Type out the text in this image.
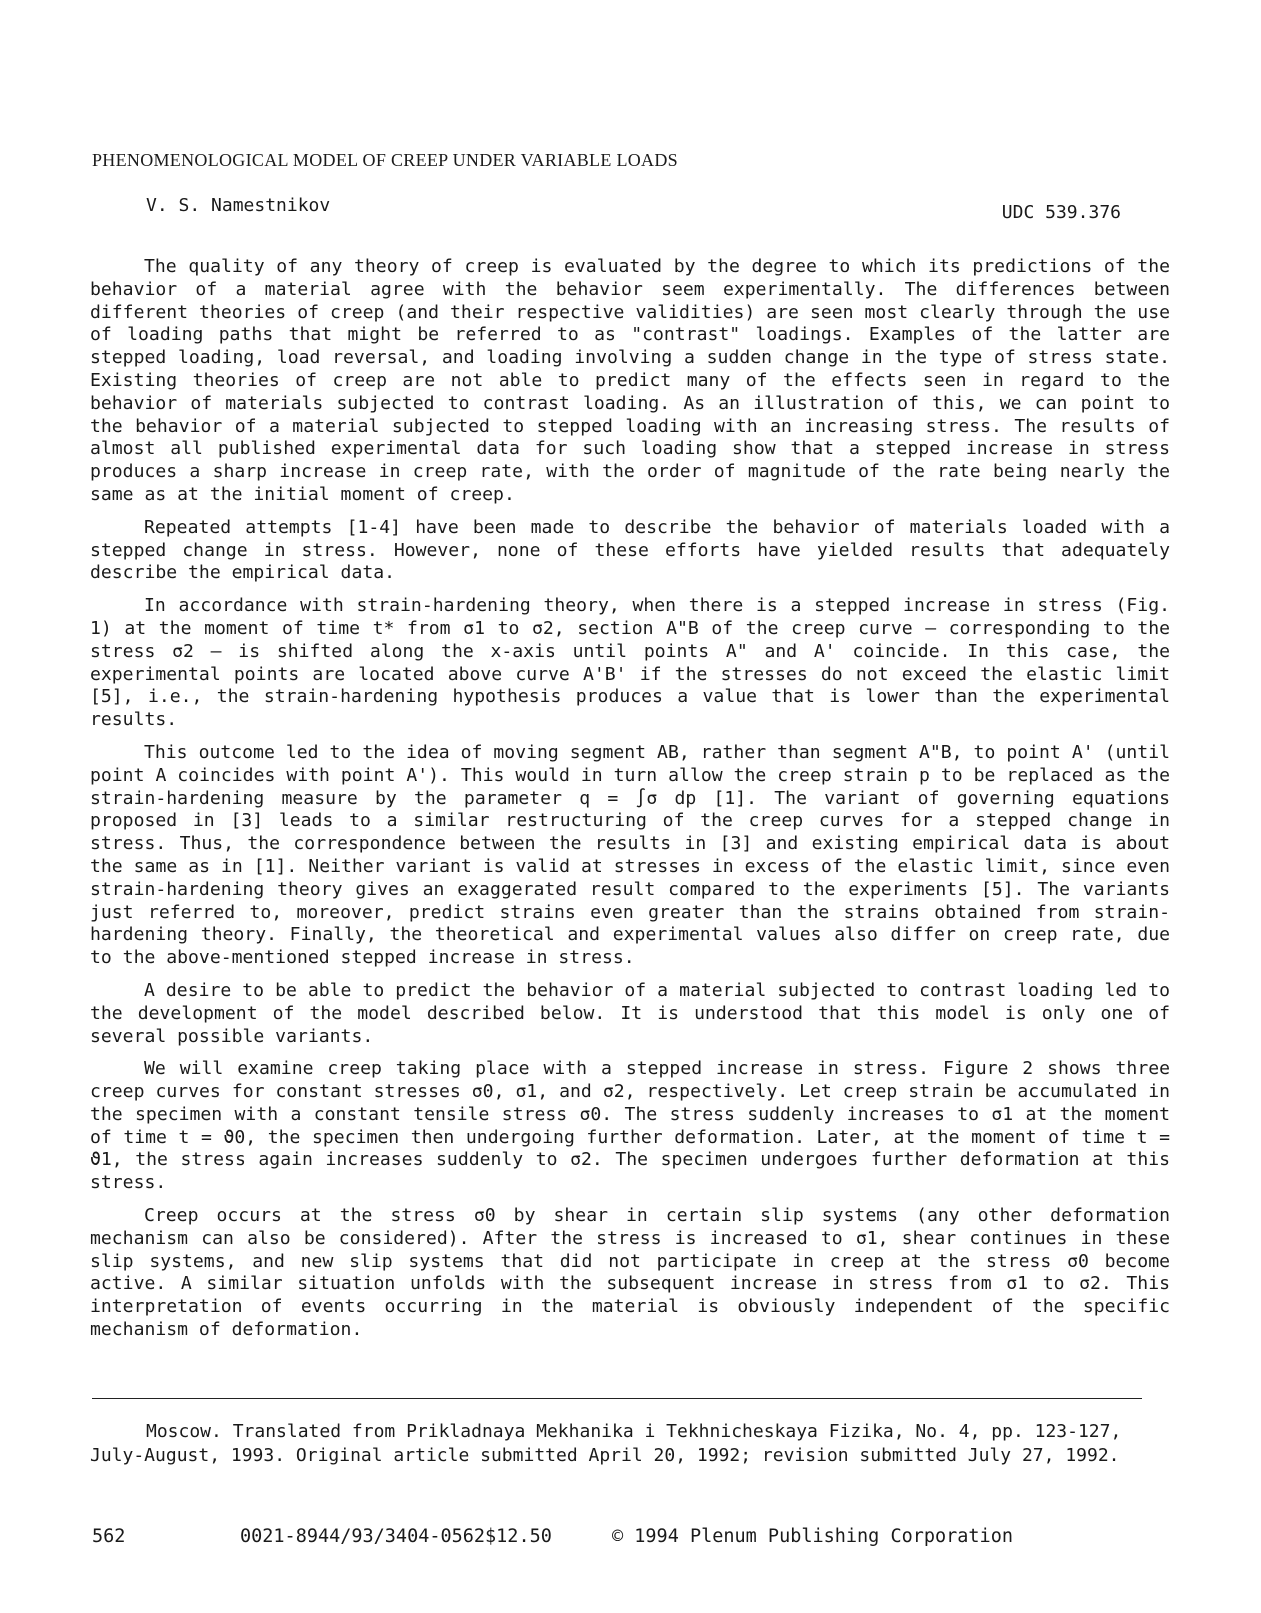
PHENOMENOLOGICAL MODEL OF CREEP UNDER VARIABLE LOADS
V. S. Namestnikov	UDC 539.376

The quality of any theory of creep is evaluated by the degree to which its predictions of the behavior of a material agree with the behavior seem experimentally. The differences between different theories of creep (and their respective validities) are seen most clearly through the use of loading paths that might be referred to as "contrast" loadings. Examples of the latter are stepped loading, load reversal, and loading involving a sudden change in the type of stress state. Existing theories of creep are not able to predict many of the effects seen in regard to the behavior of materials subjected to contrast loading. As an illustration of this, we can point to the behavior of a material subjected to stepped loading with an increasing stress. The results of almost all published experimental data for such loading show that a stepped increase in stress produces a sharp increase in creep rate, with the order of magnitude of the rate being nearly the same as at the initial moment of creep.

Repeated attempts [1-4] have been made to describe the behavior of materials loaded with a stepped change in stress. However, none of these efforts have yielded results that adequately describe the empirical data.

In accordance with strain-hardening theory, when there is a stepped increase in stress (Fig. 1) at the moment of time t* from σ1 to σ2, section A"B of the creep curve — corresponding to the stress σ2 — is shifted along the x-axis until points A" and A' coincide. In this case, the experimental points are located above curve A'B' if the stresses do not exceed the elastic limit [5], i.e., the strain-hardening hypothesis produces a value that is lower than the experimental results.

This outcome led to the idea of moving segment AB, rather than segment A"B, to point A' (until point A coincides with point A'). This would in turn allow the creep strain p to be replaced as the strain-hardening measure by the parameter q = ∫σ dp [1]. The variant of governing equations proposed in [3] leads to a similar restructuring of the creep curves for a stepped change in stress. Thus, the correspondence between the results in [3] and existing empirical data is about the same as in [1]. Neither variant is valid at stresses in excess of the elastic limit, since even strain-hardening theory gives an exaggerated result compared to the experiments [5]. The variants just referred to, moreover, predict strains even greater than the strains obtained from strain-hardening theory. Finally, the theoretical and experimental values also differ on creep rate, due to the above-mentioned stepped increase in stress.

A desire to be able to predict the behavior of a material subjected to contrast loading led to the development of the model described below. It is understood that this model is only one of several possible variants.

We will examine creep taking place with a stepped increase in stress. Figure 2 shows three creep curves for constant stresses σ0, σ1, and σ2, respectively. Let creep strain be accumulated in the specimen with a constant tensile stress σ0. The stress suddenly increases to σ1 at the moment of time t = ϑ0, the specimen then undergoing further deformation. Later, at the moment of time t = ϑ1, the stress again increases suddenly to σ2. The specimen undergoes further deformation at this stress.

Creep occurs at the stress σ0 by shear in certain slip systems (any other deformation mechanism can also be considered). After the stress is increased to σ1, shear continues in these slip systems, and new slip systems that did not participate in creep at the stress σ0 become active. A similar situation unfolds with the subsequent increase in stress from σ1 to σ2. This interpretation of events occurring in the material is obviously independent of the specific mechanism of deformation.

Moscow. Translated from Prikladnaya Mekhanika i Tekhnicheskaya Fizika, No. 4, pp. 123-127, July-August, 1993. Original article submitted April 20, 1992; revision submitted July 27, 1992.

562	0021-8944/93/3404-0562$12.50	© 1994 Plenum Publishing Corporation
